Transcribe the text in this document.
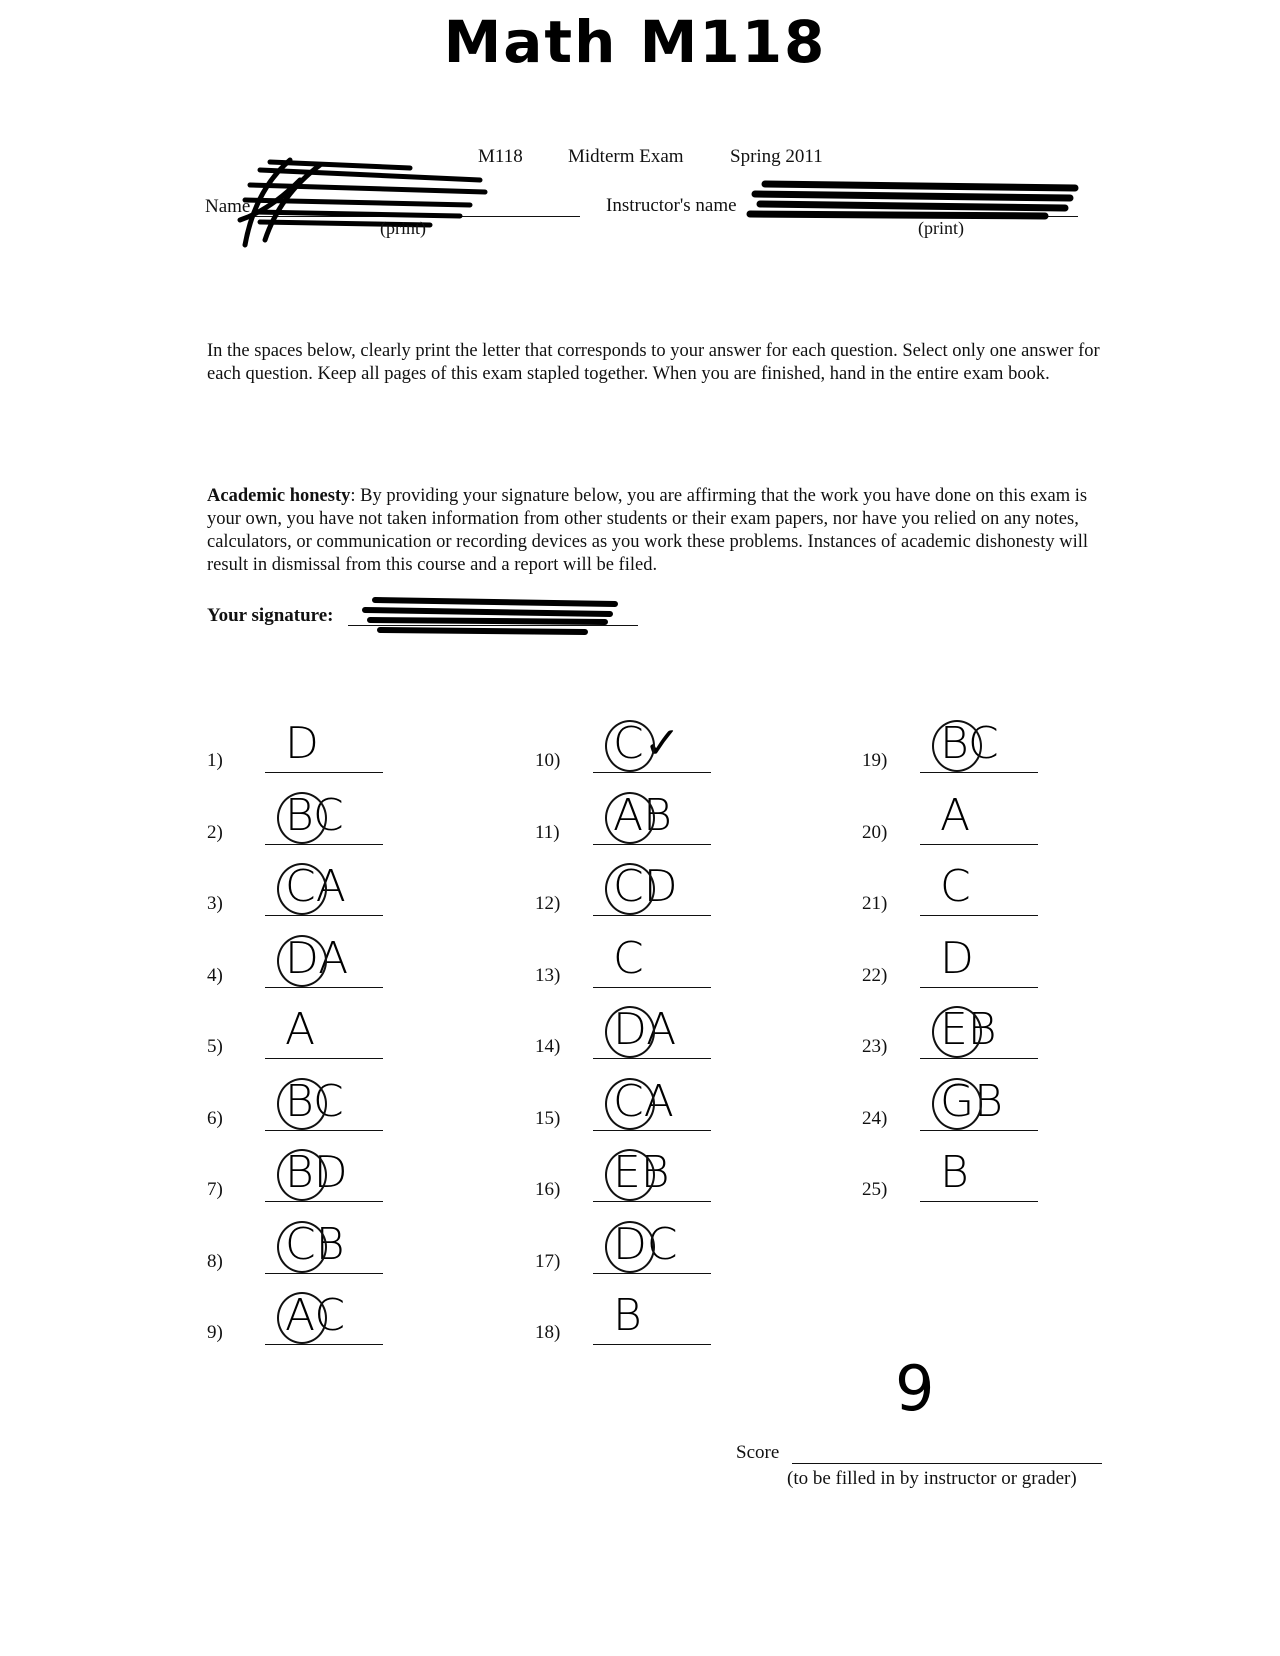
Math M118
M118 Midterm Exam Spring 2011
Name
(print)
Instructor's name
(print)
In the spaces below, clearly print the letter that corresponds to your answer for each question. Select only one answer for each question. Keep all pages of this exam stapled together. When you are finished, hand in the entire exam book.
Academic honesty: By providing your signature below, you are affirming that the work you have done on this exam is your own, you have not taken information from other students or their exam papers, nor have you relied on any notes, calculators, or communication or recording devices as you work these problems. Instances of academic dishonesty will result in dismissal from this course and a report will be filed.
Your signature:
1)	D
2)	BC
3)	CA
4)	DA
5)	A
6)	BC
7)	BD
8)	CB
9)	AC
10)	C✓
11)	AB
12)	CD
13)	C
14)	DA
15)	CA
16)	EB
17)	DC
18)	B
19)	BC
20)	A
21)	C
22)	D
23)	EB
24)	GB
25)	B
Score
9
(to be filled in by instructor or grader)
